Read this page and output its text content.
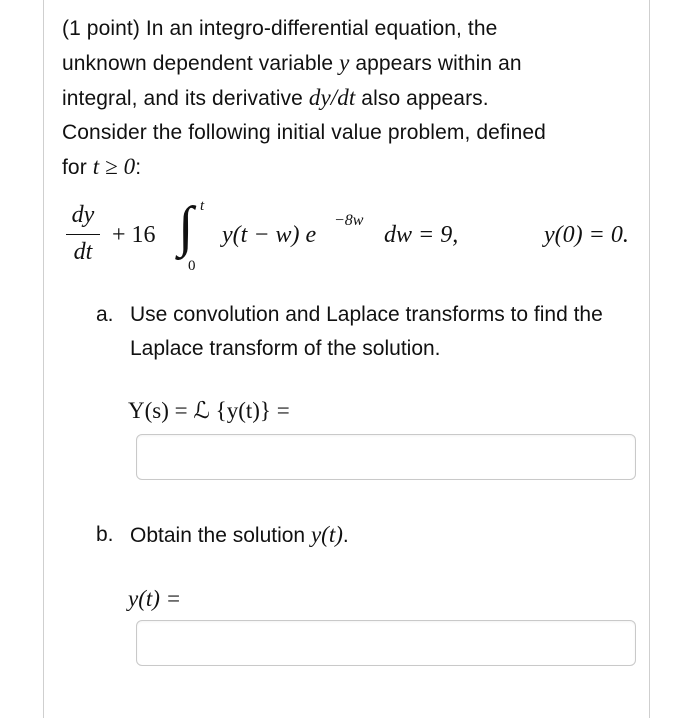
(1 point) In an integro-differential equation, the
unknown dependent variable y appears within an
integral, and its derivative dy/dt also appears.
Consider the following initial value problem, defined
for t ≥ 0:
dy
dt
+ 16 ∫ t
0
y(t − w) e
−8w
dw = 9,	y(0) = 0.
a. Use convolution and Laplace transforms to find the Laplace transform of the solution.
Y(s) = ℒ {y(t)} =
b. Obtain the solution y(t).
y(t) =
